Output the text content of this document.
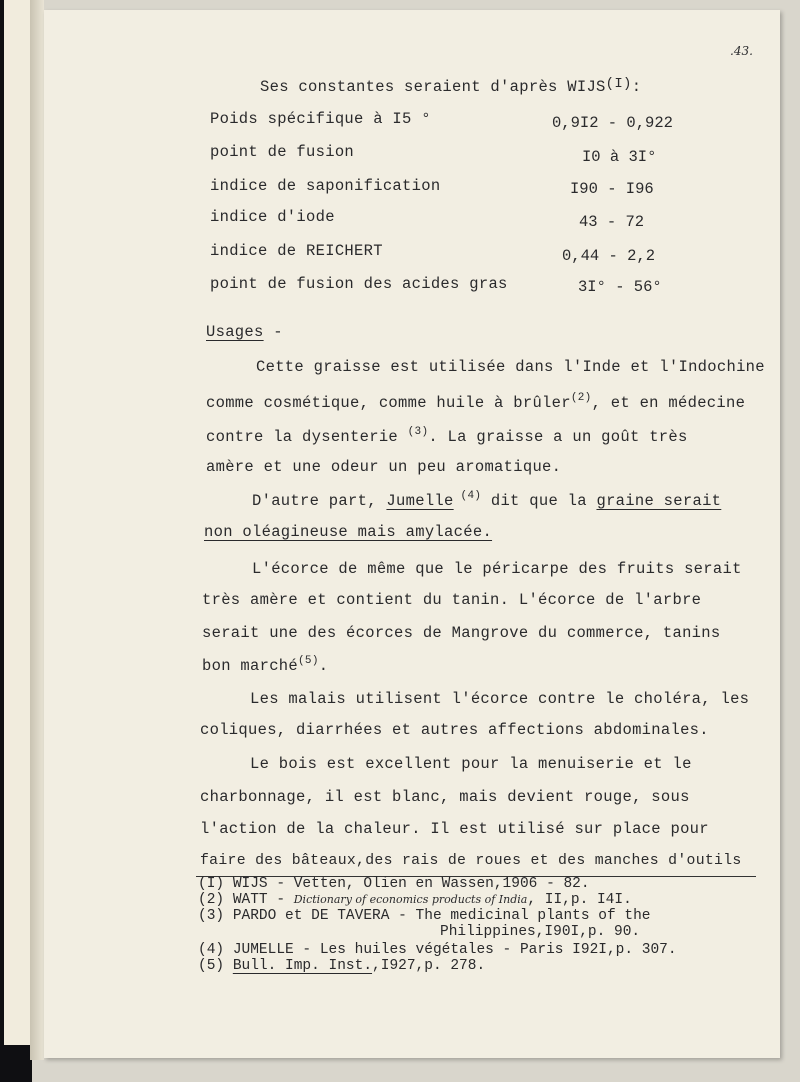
.43.
Ses constantes seraient d'après WIJS(I):
Poids spécifique à I5 °	0,9I2 - 0,922
point de fusion	I0 à 3I°
indice de saponification	I90 - I96
indice d'iode	43 - 72
indice de REICHERT	0,44 - 2,2
point de fusion des acides gras	3I° - 56°
Usages -
Cette graisse est utilisée dans l'Inde et l'Indochine
comme cosmétique, comme huile à brûler$^{(2)}$, et en médecine
contre la dysenterie $^{(3)}$. La graisse a un goût très
amère et une odeur un peu aromatique.
D'autre part, Jumelle $^{(4)}$ dit que la graine serait
non oléagineuse mais amylacée.
L'écorce de même que le péricarpe des fruits serait
très amère et contient du tanin. L'écorce de l'arbre
serait une des écorces de Mangrove du commerce, tanins
bon marché$^{(5)}$.
Les malais utilisent l'écorce contre le choléra, les
coliques, diarrhées et autres affections abdominales.
Le bois est excellent pour la menuiserie et le
charbonnage, il est blanc, mais devient rouge, sous
l'action de la chaleur. Il est utilisé sur place pour
faire des bâteaux,des rais de roues et des manches d'outils
(I) WIJS - Vetten, Olien en Wassen,1906 - 82.
(2) WATT - Dictionary of economics products of India, II,p. I4I.
(3) PARDO et DE TAVERA - The medicinal plants of the
Philippines,I90I,p. 90.
(4) JUMELLE - Les huiles végétales - Paris I92I,p. 307.
(5) Bull. Imp. Inst.,I927,p. 278.
